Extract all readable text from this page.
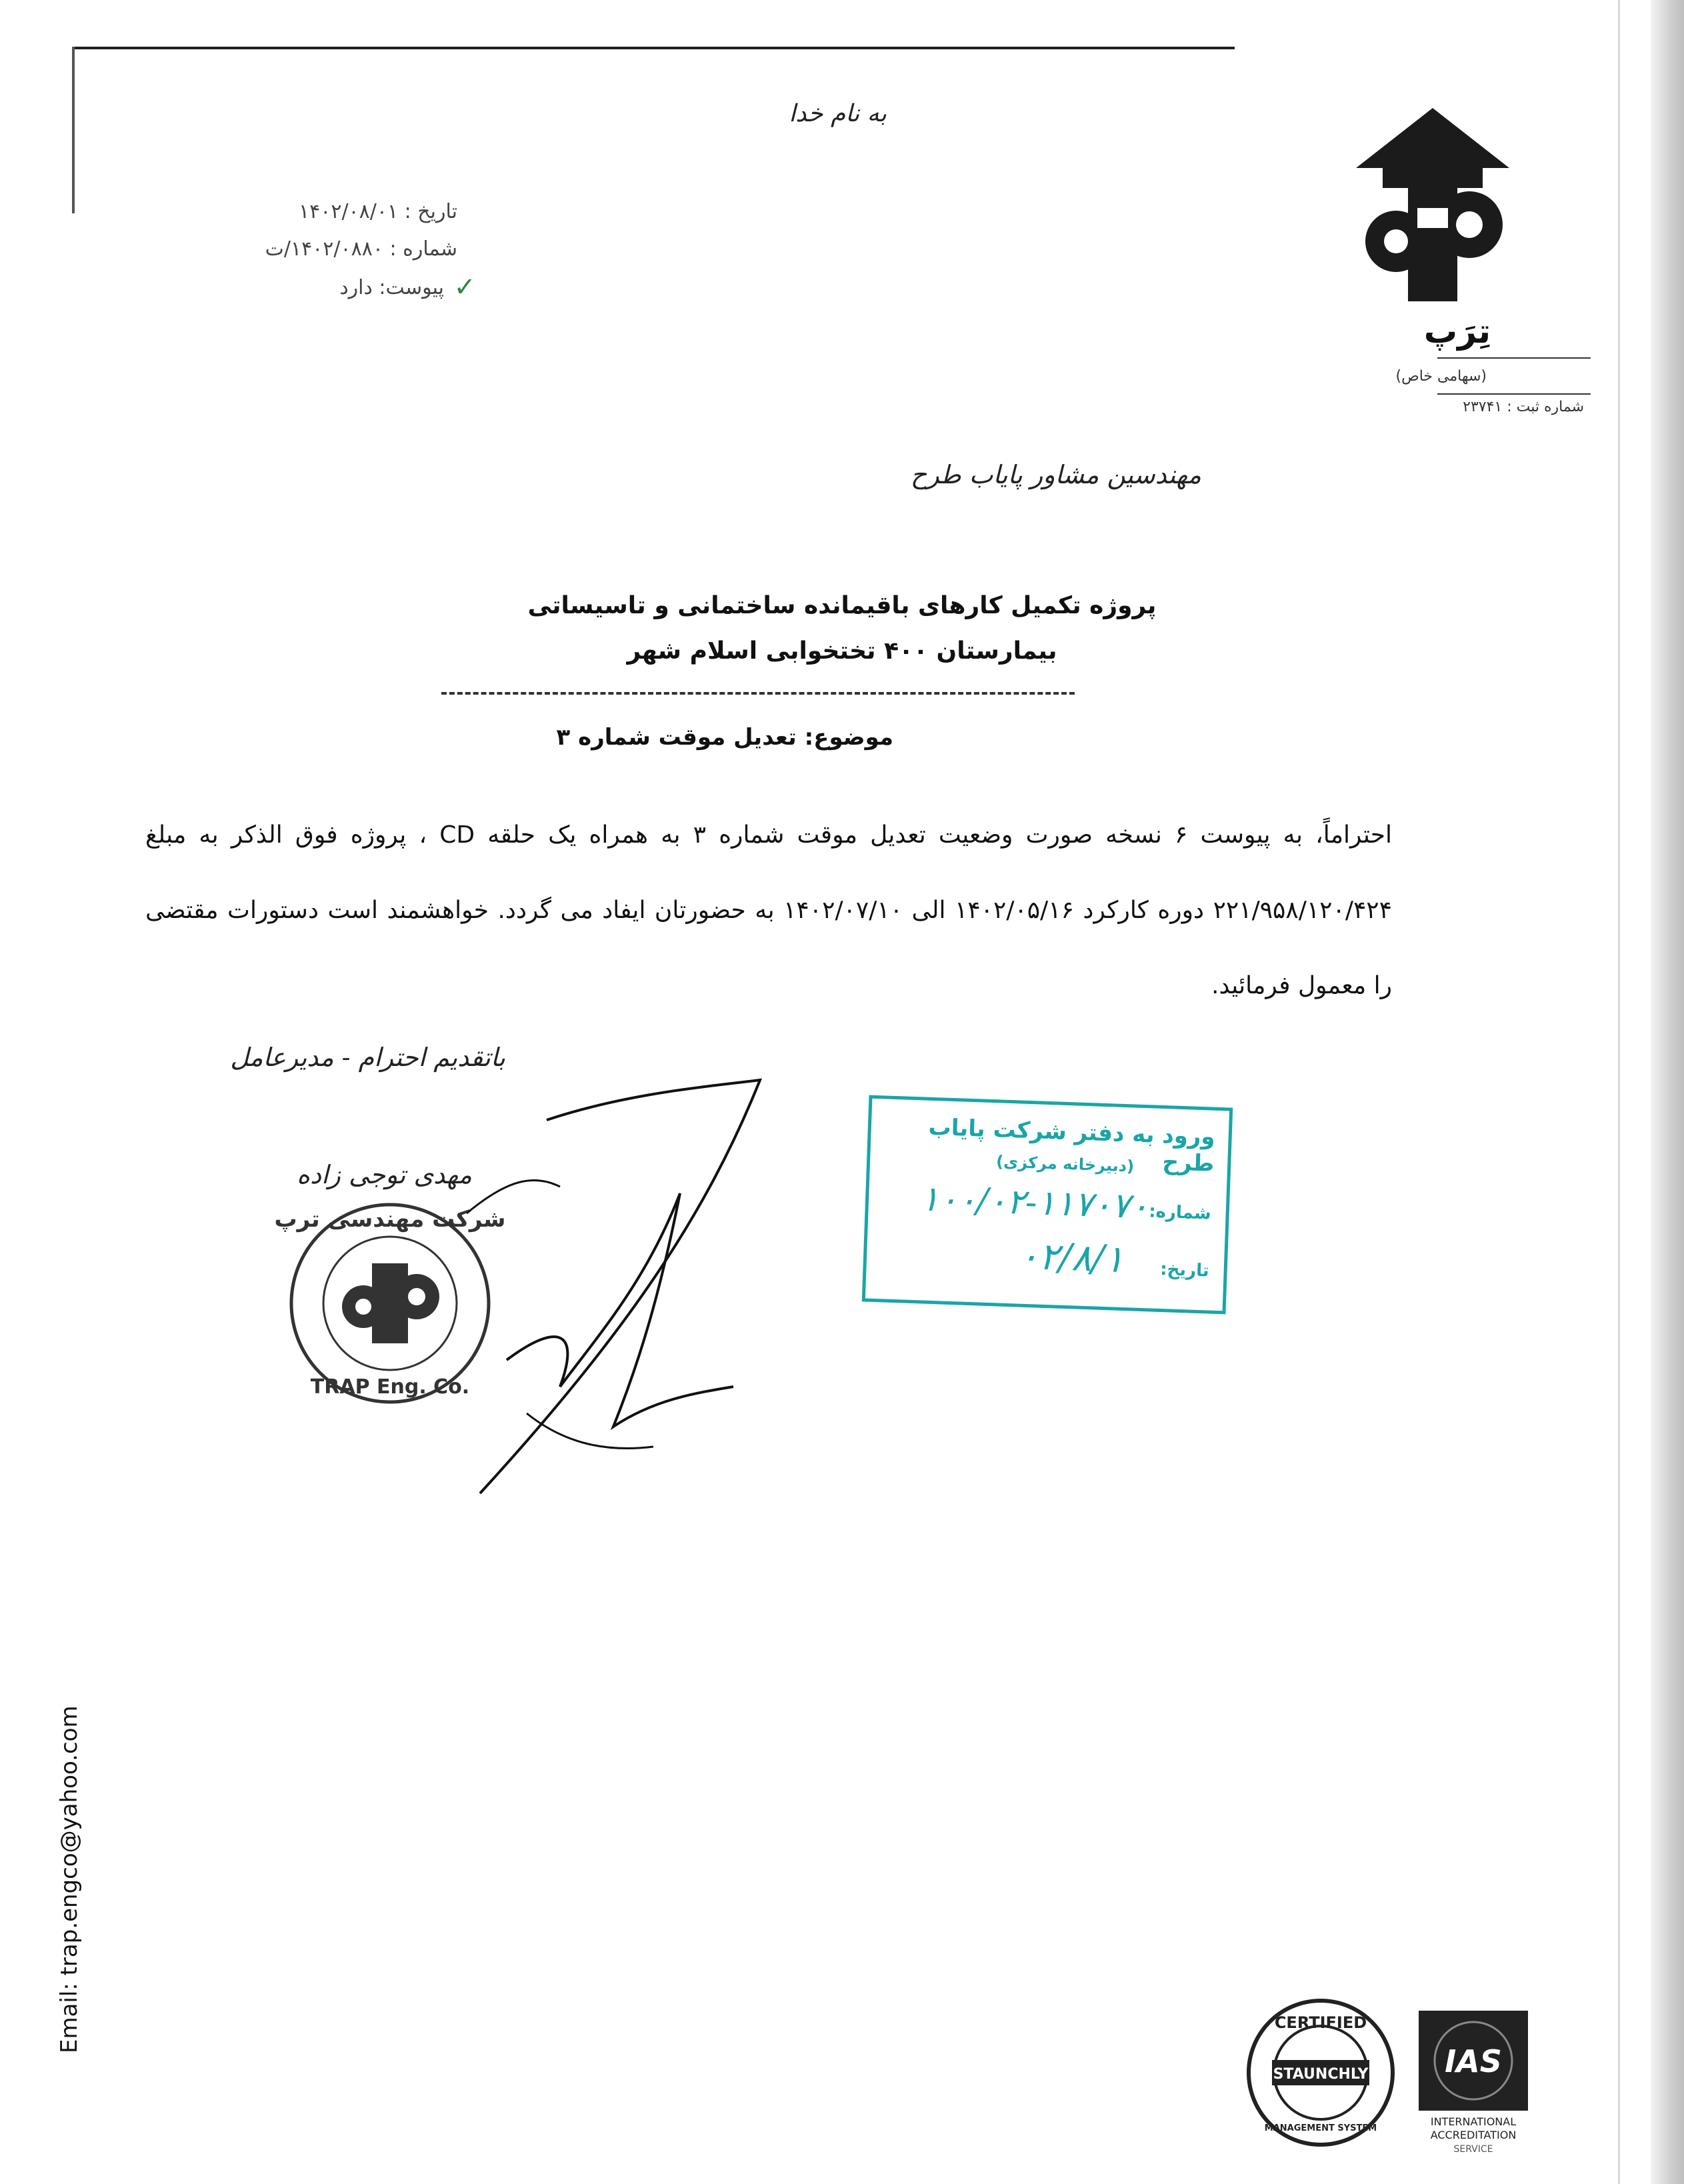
به نام خدا
تاریخ : ۱۴۰۲/۰۸/۰۱
شماره : ۱۴۰۲/۰۸۸۰/ت
پیوست: دارد ✓
تِرَپ
(سهامی خاص)
شماره ثبت : ۲۳۷۴۱
مهندسین مشاور پایاب طرح
پروژه تکمیل کارهای باقیمانده ساختمانی و تاسیساتی
بیمارستان ۴۰۰ تختخوابی اسلام شهر
موضوع: تعدیل موقت شماره ۳
احتراماً، به پیوست ۶ نسخه صورت وضعیت تعدیل موقت شماره ۳ به همراه یک حلقه CD ، پروژه فوق الذکر به مبلغ ۲۲۱/۹۵۸/۱۲۰/۴۲۴ دوره کارکرد ۱۴۰۲/۰۵/۱۶ الی ۱۴۰۲/۰۷/۱۰ به حضورتان ایفاد می گردد. خواهشمند است دستورات مقتضی را معمول فرمائید.
باتقدیم احترام - مدیرعامل
مهدی توجی زاده
شرکت مهندسی ترپ
TRAP Eng. Co.
ورود به دفتر شرکت پایاب طرح
(دبیرخانه مرکزی)
شماره:
۱۰۰/۰۲-۱۱۷۰۷۰
تاریخ:
۰۲/۸/۱
Email: trap.engco@yahoo.com	CERTIFIED
STAUNCHLY
MANAGEMENT SYSTEM
IAS
INTERNATIONAL
ACCREDITATION
SERVICE
